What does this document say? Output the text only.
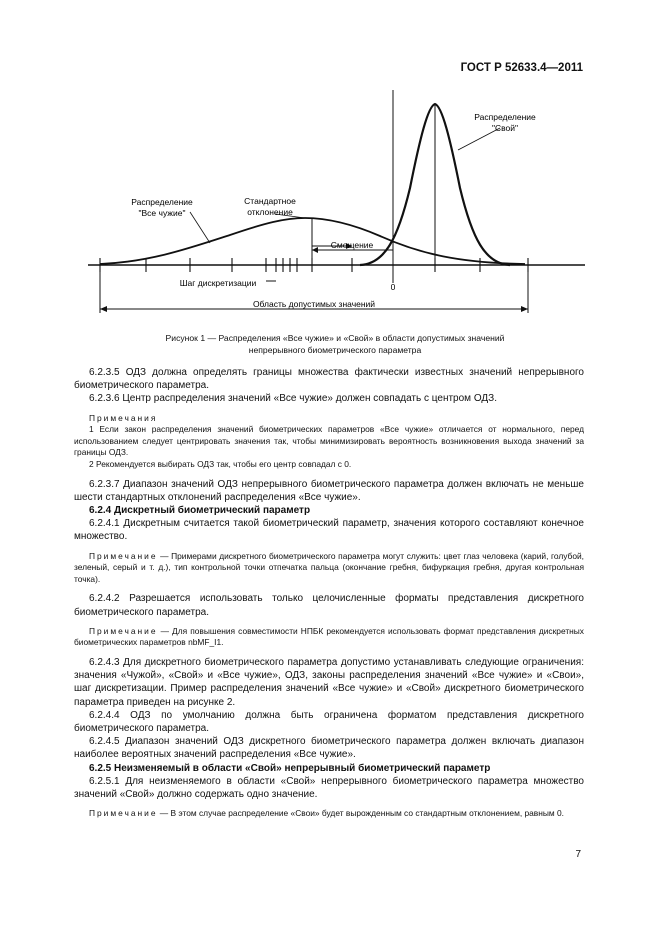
ГОСТ Р 52633.4—2011
Распределение
"Свой"
Распределение
"Все чужие"
Стандартное
отклонение
Смещение
Шаг дискретизации	0
Область допустимых значений
Рисунок 1 — Распределения «Все чужие» и «Свой» в области допустимых значений
непрерывного биометрического параметра

6.2.3.5 ОДЗ должна определять границы множества фактически известных значений непрерывного биометрического параметра.

6.2.3.6 Центр распределения значений «Все чужие» должен совпадать с центром ОДЗ.

Примечания

1 Если закон распределения значений биометрических параметров «Все чужие» отличается от нормального, перед использованием следует центрировать значения так, чтобы минимизировать вероятность возникновения выхода значений за границы ОДЗ.

2 Рекомендуется выбирать ОДЗ так, чтобы его центр совпадал с 0.

6.2.3.7 Диапазон значений ОДЗ непрерывного биометрического параметра должен включать не меньше шести стандартных отклонений распределения «Все чужие».

6.2.4 Дискретный биометрический параметр

6.2.4.1 Дискретным считается такой биометрический параметр, значения которого составляют конечное множество.

Примечание — Примерами дискретного биометрического параметра могут служить: цвет глаз человека (карий, голубой, зеленый, серый и т. д.), тип контрольной точки отпечатка пальца (окончание гребня, бифуркация гребня, другая контрольная точка).

6.2.4.2 Разрешается использовать только целочисленные форматы представления дискретного биометрического параметра.

Примечание — Для повышения совместимости НПБК рекомендуется использовать формат представления дискретных биометрических параметров nbMF_I1.

6.2.4.3 Для дискретного биометрического параметра допустимо устанавливать следующие ограничения: значения «Чужой», «Свой» и «Все чужие», ОДЗ, законы распределения значений «Все чужие» и «Свои», шаг дискретизации. Пример распределения значений «Все чужие» и «Свой» дискретного биометрического параметра приведен на рисунке 2.

6.2.4.4 ОДЗ по умолчанию должна быть ограничена форматом представления дискретного биометрического параметра.

6.2.4.5 Диапазон значений ОДЗ дискретного биометрического параметра должен включать диапазон наиболее вероятных значений распределения «Все чужие».

6.2.5 Неизменяемый в области «Свой» непрерывный биометрический параметр

6.2.5.1 Для неизменяемого в области «Свой» непрерывного биометрического параметра множество значений «Свой» должно содержать одно значение.

Примечание — В этом случае распределение «Свои» будет вырожденным со стандартным отклонением, равным 0.

7
